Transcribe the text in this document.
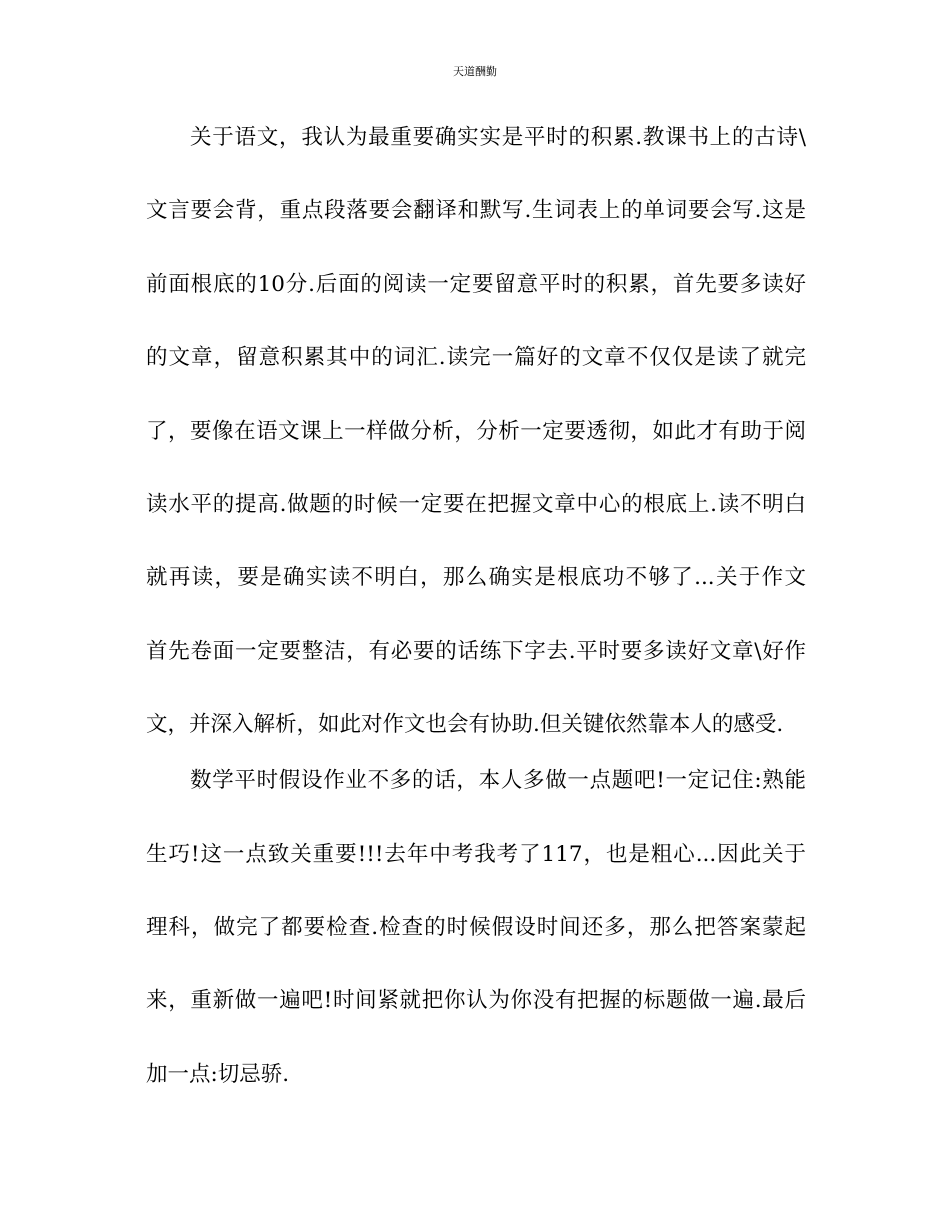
天道酬勤
关于语文，我认为最重要确实实是平时的积累.教课书上的古诗\
文言要会背，重点段落要会翻译和默写.生词表上的单词要会写.这是
前面根底的10分.后面的阅读一定要留意平时的积累，首先要多读好
的文章，留意积累其中的词汇.读完一篇好的文章不仅仅是读了就完
了，要像在语文课上一样做分析，分析一定要透彻，如此才有助于阅
读水平的提高.做题的时候一定要在把握文章中心的根底上.读不明白
就再读，要是确实读不明白，那么确实是根底功不够了...关于作文
首先卷面一定要整洁，有必要的话练下字去.平时要多读好文章\好作
文，并深入解析，如此对作文也会有协助.但关键依然靠本人的感受.
数学平时假设作业不多的话，本人多做一点题吧!一定记住:熟能
生巧!这一点致关重要!!!去年中考我考了117，也是粗心...因此关于
理科，做完了都要检查.检查的时候假设时间还多，那么把答案蒙起
来，重新做一遍吧!时间紧就把你认为你没有把握的标题做一遍.最后
加一点:切忌骄.
